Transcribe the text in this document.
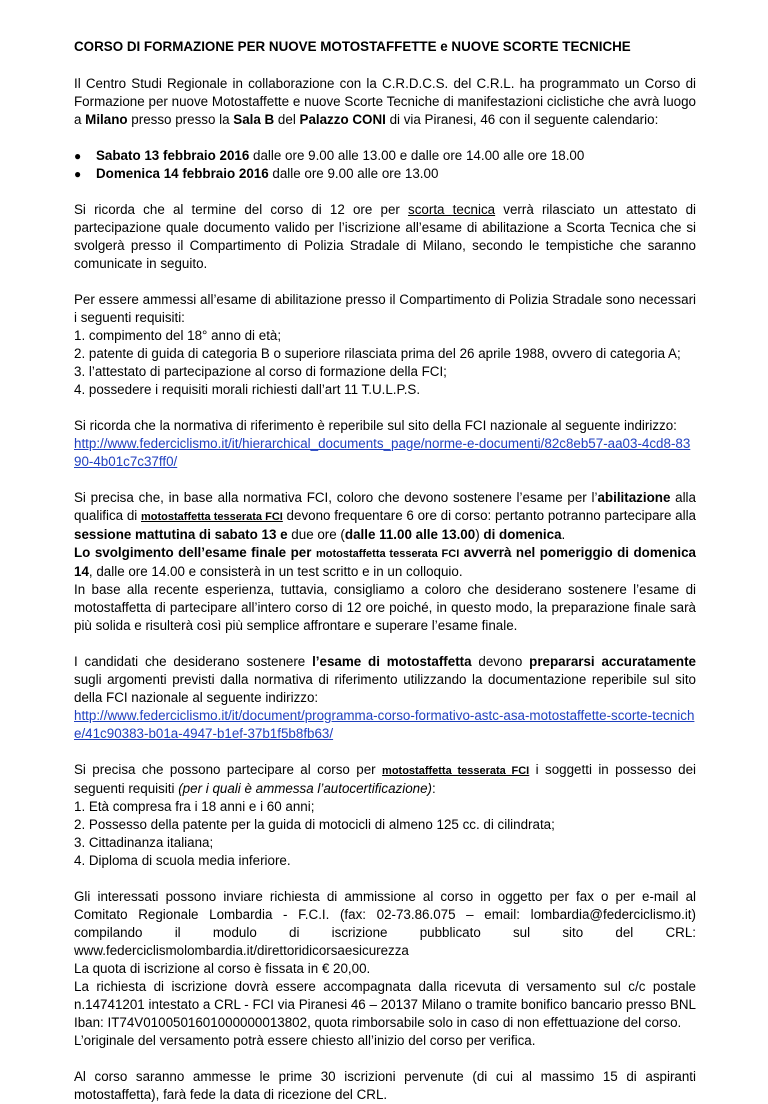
CORSO DI FORMAZIONE PER NUOVE MOTOSTAFFETTE e NUOVE SCORTE TECNICHE

Il Centro Studi Regionale in collaborazione con la C.R.D.C.S. del C.R.L. ha programmato un Corso di Formazione per nuove Motostaffette e nuove Scorte Tecniche di manifestazioni ciclistiche che avrà luogo a Milano presso presso la Sala B del Palazzo CONI di via Piranesi, 46 con il seguente calendario:

● Sabato 13 febbraio 2016 dalle ore 9.00 alle 13.00 e dalle ore 14.00 alle ore 18.00
● Domenica 14 febbraio 2016 dalle ore 9.00 alle ore 13.00

Si ricorda che al termine del corso di 12 ore per scorta tecnica verrà rilasciato un attestato di partecipazione quale documento valido per l’iscrizione all’esame di abilitazione a Scorta Tecnica che si svolgerà presso il Compartimento di Polizia Stradale di Milano, secondo le tempistiche che saranno comunicate in seguito.

Per essere ammessi all’esame di abilitazione presso il Compartimento di Polizia Stradale sono necessari i seguenti requisiti:

1. compimento del 18° anno di età;
2. patente di guida di categoria B o superiore rilasciata prima del 26 aprile 1988, ovvero di categoria A;
3. l’attestato di partecipazione al corso di formazione della FCI;
4. possedere i requisiti morali richiesti dall’art 11 T.U.L.P.S.

Si ricorda che la normativa di riferimento è reperibile sul sito della FCI nazionale al seguente indirizzo:

http://www.federciclismo.it/it/hierarchical_documents_page/norme-e-documenti/82c8eb57-aa03-4cd8-8390-4b01c7c37ff0/

Si precisa che, in base alla normativa FCI, coloro che devono sostenere l’esame per l’abilitazione alla qualifica di motostaffetta tesserata FCI devono frequentare 6 ore di corso: pertanto potranno partecipare alla sessione mattutina di sabato 13 e due ore (dalle 11.00 alle 13.00) di domenica.

Lo svolgimento dell’esame finale per motostaffetta tesserata FCI avverrà nel pomeriggio di domenica 14, dalle ore 14.00 e consisterà in un test scritto e in un colloquio.

In base alla recente esperienza, tuttavia, consigliamo a coloro che desiderano sostenere l’esame di motostaffetta di partecipare all’intero corso di 12 ore poiché, in questo modo, la preparazione finale sarà più solida e risulterà così più semplice affrontare e superare l’esame finale.

I candidati che desiderano sostenere l’esame di motostaffetta devono prepararsi accuratamente sugli argomenti previsti dalla normativa di riferimento utilizzando la documentazione reperibile sul sito della FCI nazionale al seguente indirizzo:

http://www.federciclismo.it/it/document/programma-corso-formativo-astc-asa-motostaffette-scorte-tecniche/41c90383-b01a-4947-b1ef-37b1f5b8fb63/

Si precisa che possono partecipare al corso per motostaffetta tesserata FCI i soggetti in possesso dei seguenti requisiti (per i quali è ammessa l’autocertificazione):

1. Età compresa fra i 18 anni e i 60 anni;
2. Possesso della patente per la guida di motocicli di almeno 125 cc. di cilindrata;
3. Cittadinanza italiana;
4. Diploma di scuola media inferiore.

Gli interessati possono inviare richiesta di ammissione al corso in oggetto per fax o per e-mail al Comitato Regionale Lombardia - F.C.I. (fax: 02-73.86.075 – email: lombardia@federciclismo.it) compilando il modulo di iscrizione pubblicato sul sito del CRL: www.federciclismolombardia.it/direttoridicorsaesicurezza

La quota di iscrizione al corso è fissata in € 20,00.

La richiesta di iscrizione dovrà essere accompagnata dalla ricevuta di versamento sul c/c postale n.14741201 intestato a CRL - FCI via Piranesi 46 – 20137 Milano o tramite bonifico bancario presso BNL Iban: IT74V0100501601000000013802, quota rimborsabile solo in caso di non effettuazione del corso.

L’originale del versamento potrà essere chiesto all’inizio del corso per verifica.

Al corso saranno ammesse le prime 30 iscrizioni pervenute (di cui al massimo 15 di aspiranti motostaffetta), farà fede la data di ricezione del CRL.
